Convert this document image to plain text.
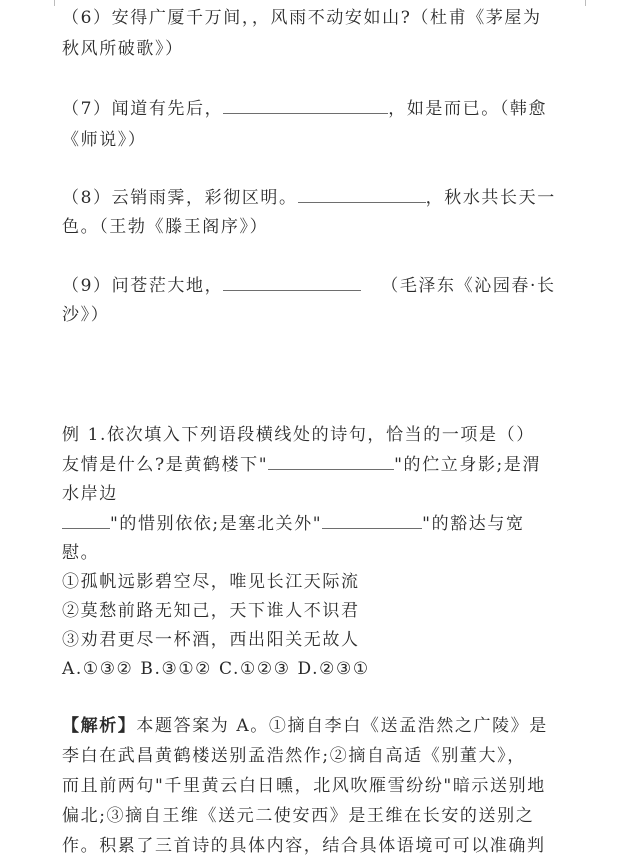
（6）安得广厦千万间，，风雨不动安如山?（杜甫《茅屋为
秋风所破歌》）
（7）闻道有先后，	，如是而已。（韩愈
《师说》）
（8）云销雨霁，彩彻区明。	，秋水共长天一
色。（王勃《滕王阁序》）
（9）问苍茫大地，	（毛泽东《沁园春·长
沙》）
例 1.依次填入下列语段横线处的诗句，恰当的一项是（）
友情是什么?是黄鹤楼下"	"的伫立身影;是渭
水岸边
"的惜别依依;是塞北关外"	"的豁达与宽
慰。
①孤帆远影碧空尽，唯见长江天际流
②莫愁前路无知己，天下谁人不识君
③劝君更尽一杯酒，西出阳关无故人
A.①③② B.③①② C.①②③ D.②③①
【解析】本题答案为 A。①摘自李白《送孟浩然之广陵》是
李白在武昌黄鹤楼送别孟浩然作;②摘自高适《别董大》，
而且前两句"千里黄云白日曛，北风吹雁雪纷纷"暗示送别地
偏北;③摘自王维《送元二使安西》是王维在长安的送别之
作。积累了三首诗的具体内容，结合具体语境可可以准确判
